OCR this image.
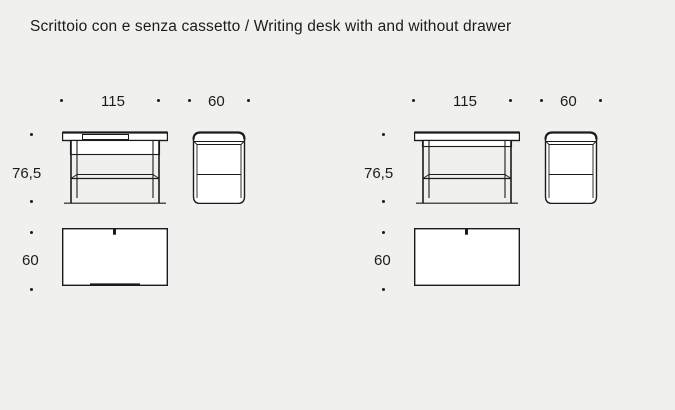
Scrittoio con e senza cassetto / Writing desk with and without drawer
115	60
76,5
60
115	60
76,5
60
